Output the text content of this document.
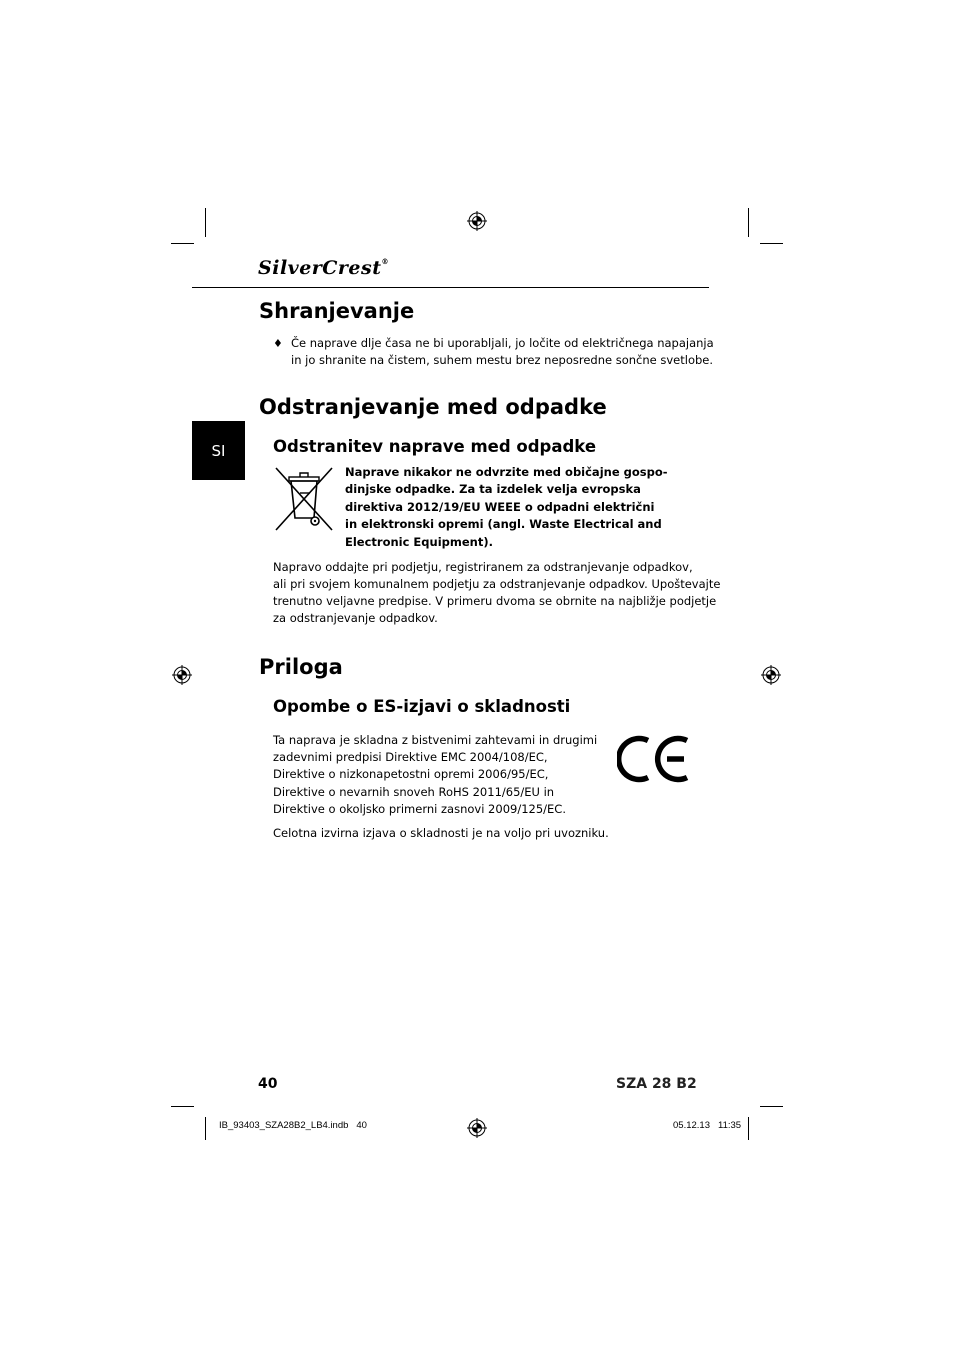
SilverCrest®
SI
Shranjevanje
♦ Če naprave dlje časa ne bi uporabljali, jo ločite od električnega napajanja
in jo shranite na čistem, suhem mestu brez neposredne sončne svetlobe.
Odstranjevanje med odpadke
Odstranitev naprave med odpadke
Naprave nikakor ne odvrzite med običajne gospo-
dinjske odpadke. Za ta izdelek velja evropska
direktiva 2012/19/EU WEEE o odpadni električni
in elektronski opremi (angl. Waste Electrical and
Electronic Equipment).
Napravo oddajte pri podjetju, registriranem za odstranjevanje odpadkov,
ali pri svojem komunalnem podjetju za odstranjevanje odpadkov. Upoštevajte
trenutno veljavne predpise. V primeru dvoma se obrnite na najbližje podjetje
za odstranjevanje odpadkov.
Priloga
Opombe o ES-izjavi o skladnosti
Ta naprava je skladna z bistvenimi zahtevami in drugimi
zadevnimi predpisi Direktive EMC 2004/108/EC,
Direktive o nizkonapetostni opremi 2006/95/EC,
Direktive o nevarnih snoveh RoHS 2011/65/EU in
Direktive o okoljsko primerni zasnovi 2009/125/EC.
Celotna izvirna izjava o skladnosti je na voljo pri uvozniku.
40	SZA 28 B2
IB_93403_SZA28B2_LB4.indb   40	05.12.13 11:35
